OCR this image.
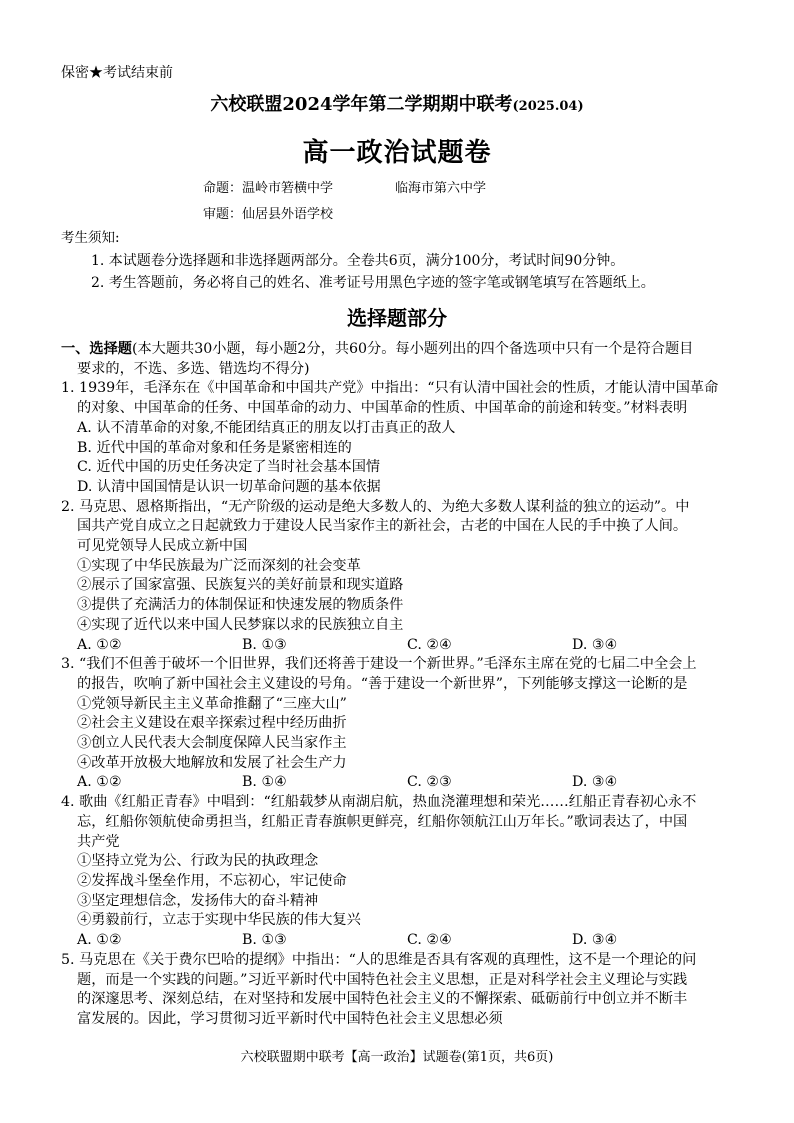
保密★考试结束前
六校联盟2024学年第二学期期中联考(2025.04)
高一政治试题卷
命题：温岭市箬横中学	临海市第六中学
审题：仙居县外语学校
考生须知:
1. 本试题卷分选择题和非选择题两部分。全卷共6页，满分100分，考试时间90分钟。
2. 考生答题前，务必将自己的姓名、准考证号用黑色字迹的签字笔或钢笔填写在答题纸上。
选择题部分

一、选择题(本大题共30小题，每小题2分，共60分。每小题列出的四个备选项中只有一个是符合题目

要求的，不选、多选、错选均不得分)

1. 1939年，毛泽东在《中国革命和中国共产党》中指出：“只有认清中国社会的性质，才能认清中国革命

的对象、中国革命的任务、中国革命的动力、中国革命的性质、中国革命的前途和转变。”材料表明

A. 认不清革命的对象,不能团结真正的朋友以打击真正的敌人

B. 近代中国的革命对象和任务是紧密相连的

C. 近代中国的历史任务决定了当时社会基本国情

D. 认清中国国情是认识一切革命问题的基本依据

2. 马克思、恩格斯指出，“无产阶级的运动是绝大多数人的、为绝大多数人谋利益的独立的运动”。中

国共产党自成立之日起就致力于建设人民当家作主的新社会，古老的中国在人民的手中换了人间。

可见党领导人民成立新中国

①实现了中华民族最为广泛而深刻的社会变革

②展示了国家富强、民族复兴的美好前景和现实道路

③提供了充满活力的体制保证和快速发展的物质条件

④实现了近代以来中国人民梦寐以求的民族独立自主

A. ①②	B. ①③	C. ②④	D. ③④

3. “我们不但善于破坏一个旧世界，我们还将善于建设一个新世界。”毛泽东主席在党的七届二中全会上

的报告，吹响了新中国社会主义建设的号角。“善于建设一个新世界”，下列能够支撑这一论断的是

①党领导新民主主义革命推翻了“三座大山”

②社会主义建设在艰辛探索过程中经历曲折

③创立人民代表大会制度保障人民当家作主

④改革开放极大地解放和发展了社会生产力

A. ①②	B. ①④	C. ②③	D. ③④

4. 歌曲《红船正青春》中唱到：“红船载梦从南湖启航，热血浇灌理想和荣光……红船正青春初心永不

忘，红船你领航使命勇担当，红船正青春旗帜更鲜亮，红船你领航江山万年长。”歌词表达了，中国

共产党

①坚持立党为公、行政为民的执政理念

②发挥战斗堡垒作用，不忘初心，牢记使命

③坚定理想信念，发扬伟大的奋斗精神

④勇毅前行，立志于实现中华民族的伟大复兴

A. ①②	B. ①③	C. ②④	D. ③④

5. 马克思在《关于费尔巴哈的提纲》中指出：“人的思维是否具有客观的真理性，这不是一个理论的问

题，而是一个实践的问题。”习近平新时代中国特色社会主义思想，正是对科学社会主义理论与实践

的深邃思考、深刻总结，在对坚持和发展中国特色社会主义的不懈探索、砥砺前行中创立并不断丰

富发展的。因此，学习贯彻习近平新时代中国特色社会主义思想必须

六校联盟期中联考【高一政治】试题卷(第1页，共6页)
